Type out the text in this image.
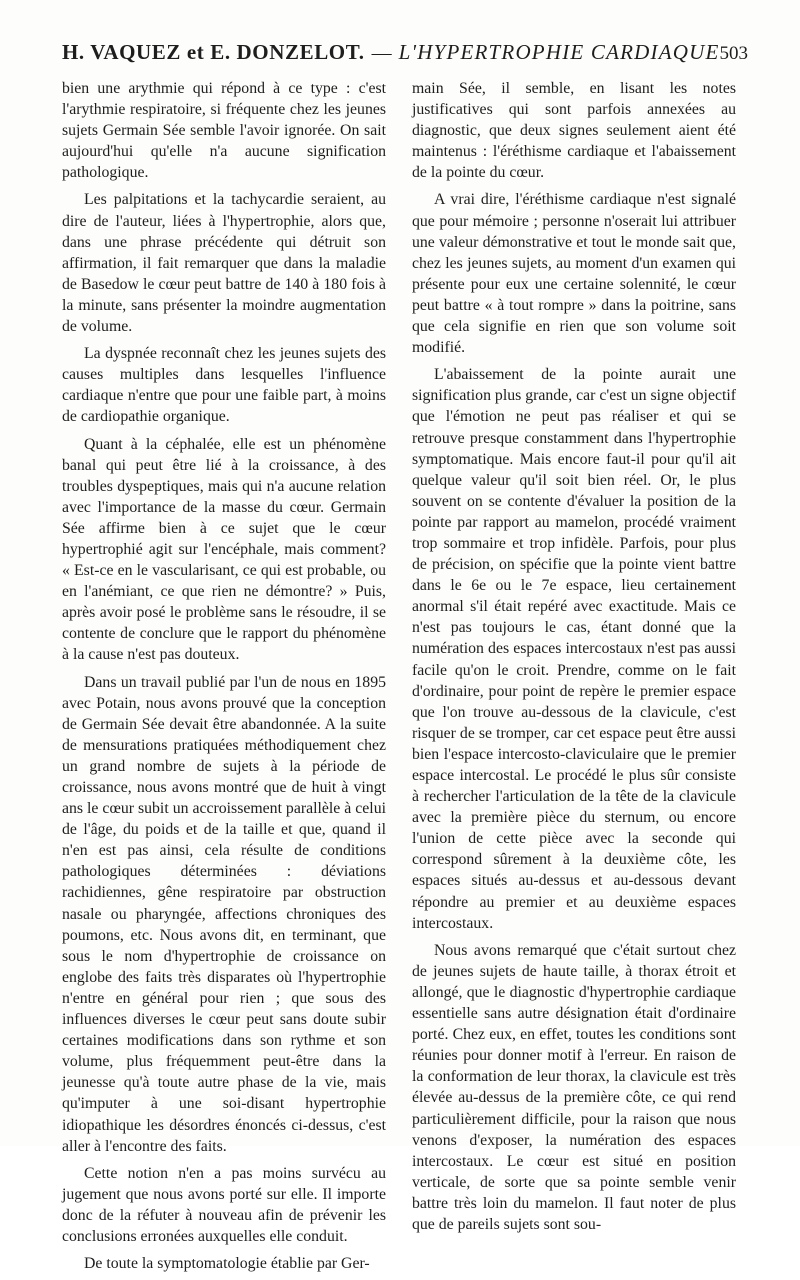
H. VAQUEZ et E. DONZELOT. — L'HYPERTROPHIE CARDIAQUE 503

bien une arythmie qui répond à ce type : c'est l'arythmie respiratoire, si fréquente chez les jeunes sujets Germain Sée semble l'avoir ignorée. On sait aujourd'hui qu'elle n'a aucune signification pathologique.

Les palpitations et la tachycardie seraient, au dire de l'auteur, liées à l'hypertrophie, alors que, dans une phrase précédente qui détruit son affirmation, il fait remarquer que dans la maladie de Basedow le cœur peut battre de 140 à 180 fois à la minute, sans présenter la moindre augmentation de volume.

La dyspnée reconnaît chez les jeunes sujets des causes multiples dans lesquelles l'influence cardiaque n'entre que pour une faible part, à moins de cardiopathie organique.

Quant à la céphalée, elle est un phénomène banal qui peut être lié à la croissance, à des troubles dyspeptiques, mais qui n'a aucune relation avec l'importance de la masse du cœur. Germain Sée affirme bien à ce sujet que le cœur hypertrophié agit sur l'encéphale, mais comment? « Est-ce en le vascularisant, ce qui est probable, ou en l'anémiant, ce que rien ne démontre? » Puis, après avoir posé le problème sans le résoudre, il se contente de conclure que le rapport du phénomène à la cause n'est pas douteux.

Dans un travail publié par l'un de nous en 1895 avec Potain, nous avons prouvé que la conception de Germain Sée devait être abandonnée. A la suite de mensurations pratiquées méthodiquement chez un grand nombre de sujets à la période de croissance, nous avons montré que de huit à vingt ans le cœur subit un accroissement parallèle à celui de l'âge, du poids et de la taille et que, quand il n'en est pas ainsi, cela résulte de conditions pathologiques déterminées : déviations rachidiennes, gêne respiratoire par obstruction nasale ou pharyngée, affections chroniques des poumons, etc. Nous avons dit, en terminant, que sous le nom d'hypertrophie de croissance on englobe des faits très disparates où l'hypertrophie n'entre en général pour rien ; que sous des influences diverses le cœur peut sans doute subir certaines modifications dans son rythme et son volume, plus fréquemment peut-être dans la jeunesse qu'à toute autre phase de la vie, mais qu'imputer à une soi-disant hypertrophie idiopathique les désordres énoncés ci-dessus, c'est aller à l'encontre des faits.

Cette notion n'en a pas moins survécu au jugement que nous avons porté sur elle. Il importe donc de la réfuter à nouveau afin de prévenir les conclusions erronées auxquelles elle conduit.

De toute la symptomatologie établie par Ger-

main Sée, il semble, en lisant les notes justificatives qui sont parfois annexées au diagnostic, que deux signes seulement aient été maintenus : l'éréthisme cardiaque et l'abaissement de la pointe du cœur.

A vrai dire, l'éréthisme cardiaque n'est signalé que pour mémoire ; personne n'oserait lui attribuer une valeur démonstrative et tout le monde sait que, chez les jeunes sujets, au moment d'un examen qui présente pour eux une certaine solennité, le cœur peut battre « à tout rompre » dans la poitrine, sans que cela signifie en rien que son volume soit modifié.

L'abaissement de la pointe aurait une signification plus grande, car c'est un signe objectif que l'émotion ne peut pas réaliser et qui se retrouve presque constamment dans l'hypertrophie symptomatique. Mais encore faut-il pour qu'il ait quelque valeur qu'il soit bien réel. Or, le plus souvent on se contente d'évaluer la position de la pointe par rapport au mamelon, procédé vraiment trop sommaire et trop infidèle. Parfois, pour plus de précision, on spécifie que la pointe vient battre dans le 6e ou le 7e espace, lieu certainement anormal s'il était repéré avec exactitude. Mais ce n'est pas toujours le cas, étant donné que la numération des espaces intercostaux n'est pas aussi facile qu'on le croit. Prendre, comme on le fait d'ordinaire, pour point de repère le premier espace que l'on trouve au-dessous de la clavicule, c'est risquer de se tromper, car cet espace peut être aussi bien l'espace intercosto-claviculaire que le premier espace intercostal. Le procédé le plus sûr consiste à rechercher l'articulation de la tête de la clavicule avec la première pièce du sternum, ou encore l'union de cette pièce avec la seconde qui correspond sûrement à la deuxième côte, les espaces situés au-dessus et au-dessous devant répondre au premier et au deuxième espaces intercostaux.

Nous avons remarqué que c'était surtout chez de jeunes sujets de haute taille, à thorax étroit et allongé, que le diagnostic d'hypertrophie cardiaque essentielle sans autre désignation était d'ordinaire porté. Chez eux, en effet, toutes les conditions sont réunies pour donner motif à l'erreur. En raison de la conformation de leur thorax, la clavicule est très élevée au-dessus de la première côte, ce qui rend particulièrement difficile, pour la raison que nous venons d'exposer, la numération des espaces intercostaux. Le cœur est situé en position verticale, de sorte que sa pointe semble venir battre très loin du mamelon. Il faut noter de plus que de pareils sujets sont sou-
